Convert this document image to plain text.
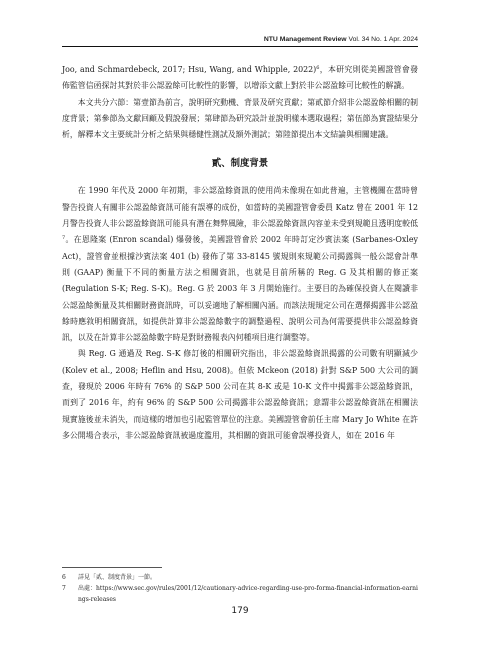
NTU Management Review Vol. 34 No. 1 Apr. 2024

Joo, and Schmardebeck, 2017; Hsu, Wang, and Whipple, 2022)$^6$，本研究則從美國證管會發佈監管信函探討其對於非公認盈餘可比較性的影響，以增添文獻上對於非公認盈餘可比較性的解讀。

本文共分六節：第壹節為前言，說明研究動機、背景及研究貢獻；第貳節介紹非公認盈餘相關的制度背景；第參節為文獻回顧及假說發展；第肆節為研究設計並說明樣本選取過程；第伍節為實證結果分析，解釋本文主要統計分析之結果與穩健性測試及額外測試；第陸節提出本文結論與相關建議。

貳、制度背景

在 1990 年代及 2000 年初期，非公認盈餘資訊的使用尚未像現在如此普遍，主管機關在當時曾警告投資人有關非公認盈餘資訊可能有誤導的成份，如當時的美國證管會委員 Katz 曾在 2001 年 12 月警告投資人非公認盈餘資訊可能具有潛在舞弊風險，非公認盈餘資訊內容並未受到規範且透明度較低$^7$。在恩隆案 (Enron scandal) 爆發後，美國證管會於 2002 年時訂定沙賓法案 (Sarbanes-Oxley Act)，證管會並根據沙賓法案 401 (b) 發佈了第 33-8145 號規則來規範公司揭露與一般公認會計準則 (GAAP) 衡量下不同的衡量方法之相關資訊，也就是目前所稱的 Reg. G 及其相關的修正案 (Regulation S-K; Reg. S-K)。Reg. G 於 2003 年 3 月開始施行。主要目的為確保投資人在閱讀非公認盈餘衡量及其相關財務資訊時，可以妥適地了解相關內涵。而該法規規定公司在選擇揭露非公認盈餘時應敘明相關資訊，如提供計算非公認盈餘數字的調整過程、說明公司為何需要提供非公認盈餘資訊，以及在計算非公認盈餘數字時是對財務報表內何種項目進行調整等。

與 Reg. G 通過及 Reg. S-K 修訂後的相關研究指出，非公認盈餘資訊揭露的公司數有明顯減少 (Kolev et al., 2008; Heflin and Hsu, 2008)。但依 Mckeon (2018) 針對 S&P 500 大公司的調查，發現於 2006 年時有 76% 的 S&P 500 公司在其 8-K 或是 10-K 文件中揭露非公認盈餘資訊，而到了 2016 年，約有 96% 的 S&P 500 公司揭露非公認盈餘資訊；意謂非公認盈餘資訊在相關法規實施後並未消失，而這樣的增加也引起監管單位的注意。美國證管會前任主席 Mary Jo White 在許多公開場合表示，非公認盈餘資訊被過度濫用，其相關的資訊可能會誤導投資人，如在 2016 年

6	詳見「貳、制度背景」一節。
7	出處：https://www.sec.gov/rules/2001/12/cautionary-advice-regarding-use-pro-forma-financial-information-earnings-releases
179
